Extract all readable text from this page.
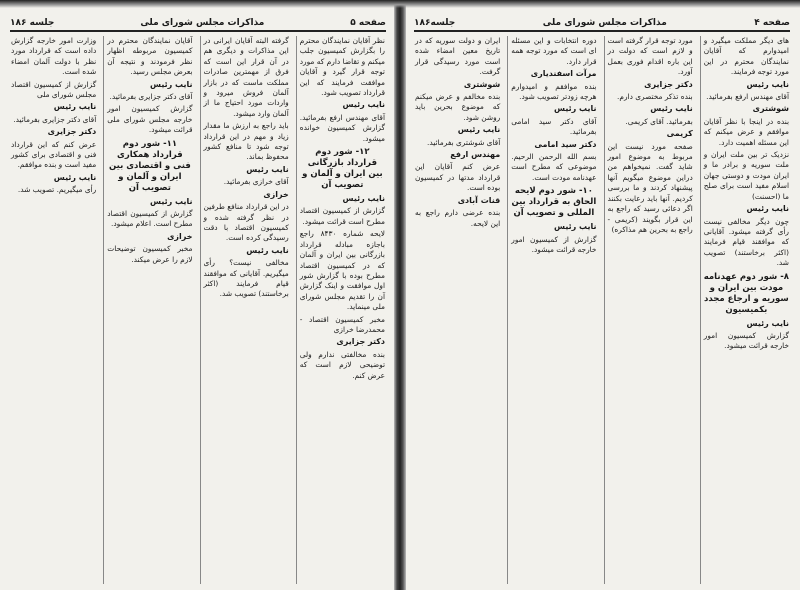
صفحه ۵
مذاکرات مجلس شورای ملی
جلسه ۱۸۶

نظر آقایان نمایندگان محترم را بگزارش کمیسیون جلب میکنم و تقاضا دارم که مورد توجه قرار گیرد و آقایان موافقت فرمایند که این قرارداد تصویب شود.

نایب رئیس

آقای مهندس ارفع بفرمائید. گزارش کمیسیون خوانده میشود.

۱۲- شور دوم قرارداد بازرگانی بین ایران و آلمان و تصویب آن

نایب رئیس

گزارش از کمیسیون اقتصاد مطرح است قرائت میشود.

لایحه شماره ۸۴۳۰ راجع باجازه مبادله قرارداد بازرگانی بین ایران و آلمان که در کمیسیون اقتصاد مطرح بوده با گزارش شور اول موافقت و اینک گزارش آن را تقدیم مجلس شورای ملی مینماید.

مخبر کمیسیون اقتصاد - محمدرضا خرازی

دکتر جزایری

بنده مخالفتی ندارم ولی توضیحی لازم است که عرض کنم.

گرفته البته آقایان ایرانی در این مذاکرات و دیگری هم در آن قرار این است که فرق از مهمترین صادرات مملکت ماست که در بازار آلمان فروش میرود و واردات مورد احتیاج ما از آلمان وارد میشود.

باید راجع به ارزش ما مقدار زیاد و مهم در این قرارداد توجه شود تا منافع کشور محفوظ بماند.

نایب رئیس

آقای خرازی بفرمائید.

خرازی

در این قرارداد منافع طرفین در نظر گرفته شده و کمیسیون اقتصاد با دقت رسیدگی کرده است.

نایب رئیس

مخالفی نیست؟ رأی میگیریم. آقایانی که موافقند قیام فرمایند (اکثر برخاستند) تصویب شد.

آقایان نمایندگان محترم در کمیسیون مربوطه اظهار نظر فرمودند و نتیجه آن بعرض مجلس رسید.

نایب رئیس

آقای دکتر جزایری بفرمائید.

گزارش کمیسیون امور خارجه مجلس شورای ملی قرائت میشود.

۱۱- شور دوم قرارداد همکاری فنی و اقتصادی بین ایران و آلمان و تصویب آن

نایب رئیس

گزارش از کمیسیون اقتصاد مطرح است. اعلام میشود.

خرازی

مخبر کمیسیون توضیحات لازم را عرض میکند.

وزارت امور خارجه گزارش داده است که قرارداد مورد نظر با دولت آلمان امضاء شده است.

گزارش از کمیسیون اقتصاد مجلس شورای ملی

نایب رئیس

آقای دکتر جزایری بفرمائید.

دکتر جزایری

عرض کنم که این قرارداد فنی و اقتصادی برای کشور مفید است و بنده موافقم.

نایب رئیس

رأی میگیریم. تصویب شد.

صفحه ۴
مذاکرات مجلس شورای ملی
جلسه۱۸۶

های دیگر مملکت میگیرد و امیدوارم که آقایان نمایندگان محترم در این مورد توجه فرمایند.

نایب رئیس

آقای مهندس ارفع بفرمائید.

شوشتری

بنده در اینجا با نظر آقایان موافقم و عرض میکنم که این مسئله اهمیت دارد.

نزدیک تر بین ملت ایران و ملت سوریه و برادر ما و ایران مودت و دوستی جهان اسلام مفید است برای صلح ما (احسنت)

نایب رئیس

چون دیگر مخالفی نیست رأی گرفته میشود. آقایانی که موافقند قیام فرمایند (اکثر برخاستند) تصویب شد.

۸- شور دوم عهدنامه مودت بین ایران و سوریه و ارجاع مجدد بکمیسیون

نایب رئیس

گزارش کمیسیون امور خارجه قرائت میشود.

مورد توجه قرار گرفته است و لازم است که دولت در این باره اقدام فوری بعمل آورد.

دکتر جزایری

بنده تذکر مختصری دارم.

نایب رئیس

بفرمائید. آقای کریمی.

کریمی

صفحه مورد نیست این مربوط به موضوع امور شاید گفت. نمیخواهم من دراین موضوع میگویم آنها پیشنهاد کردند و ما بررسی کردیم. آنها باید رعایت بکنند اگر دعائی رسید که راجع به این قرار بگویند (کریمی - راجع به بحرین هم مذاکره)

دوره انتخابات و این مسئله ای است که مورد توجه همه قرار دارد.

مرآت اسفندیاری

بنده موافقم و امیدوارم هرچه زودتر تصویب شود.

نایب رئیس

آقای دکتر سید امامی بفرمائید.

دکتر سید امامی

بسم الله الرحمن الرحیم. موضوعی که مطرح است عهدنامه مودت است.

۱۰- شور دوم لایحه الحاق به قرارداد بین المللی و تصویب آن

نایب رئیس

گزارش از کمیسیون امور خارجه قرائت میشود.

ایران و دولت سوریه که در تاریخ معین امضاء شده است مورد رسیدگی قرار گرفت.

شوشتری

بنده مخالفم و عرض میکنم که موضوع بحرین باید روشن شود.

نایب رئیس

آقای شوشتری بفرمائید.

مهندس ارفع

عرض کنم آقایان این قرارداد مدتها در کمیسیون بوده است.

قنات آبادی

بنده عرضی دارم راجع به این لایحه.
